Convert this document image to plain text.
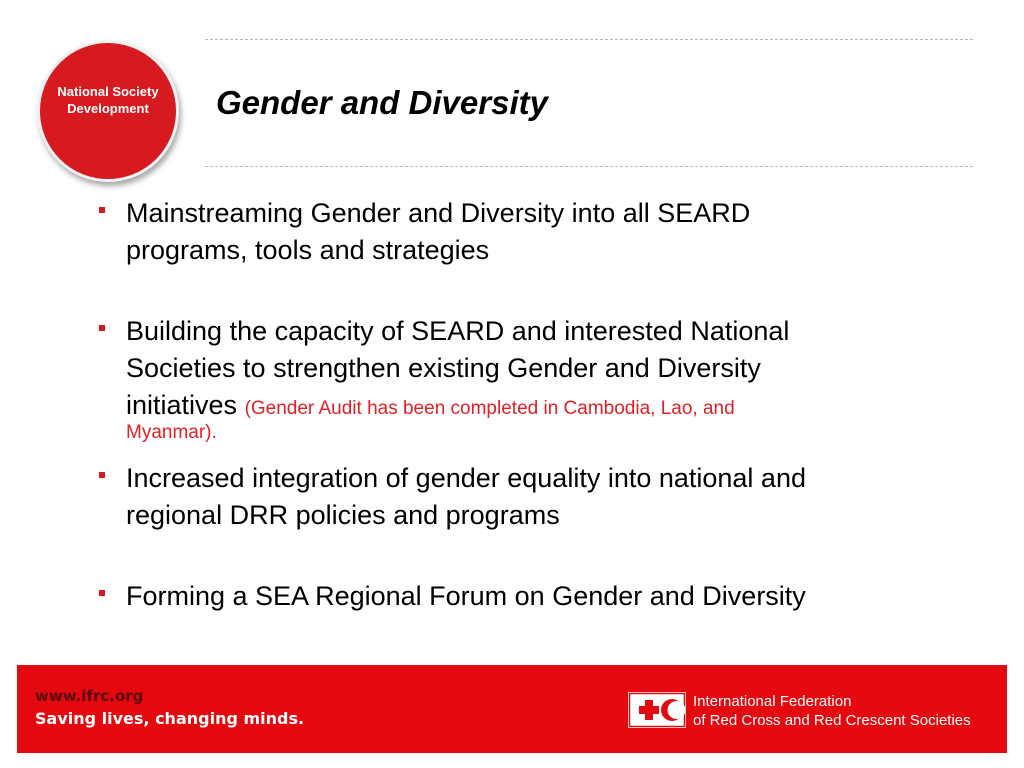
National Society
Development	Gender and Diversity
Mainstreaming Gender and Diversity into all SEARD
programs, tools and strategies
Building the capacity of SEARD and interested National
Societies to strengthen existing Gender and Diversity
initiatives (Gender Audit has been completed in Cambodia, Lao, and
Myanmar).
Increased integration of gender equality into national and
regional DRR policies and programs
Forming a SEA Regional Forum on Gender and Diversity
www.ifrc.org
Saving lives, changing minds.
International Federation
of Red Cross and Red Crescent Societies
